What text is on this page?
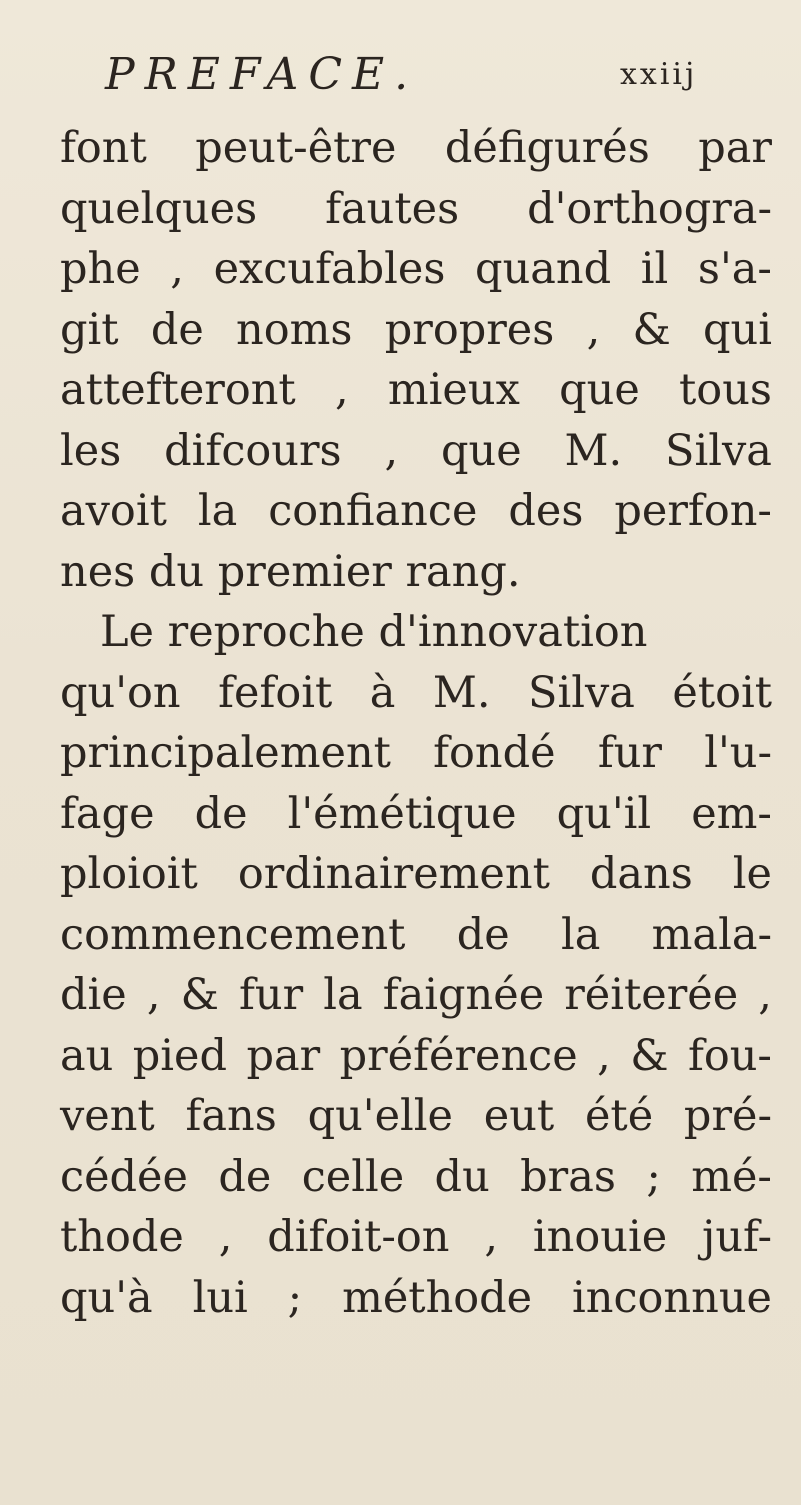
PREFACE.	xxiij
font peut-être défigurés par
quelques fautes d'orthogra-
phe , excufables quand il s'a-
git de noms propres , & qui
attefteront , mieux que tous
les difcours , que M. Silva
avoit la confiance des perfon-
nes du premier rang.
Le reproche d'innovation
qu'on fefoit à M. Silva étoit
principalement fondé fur l'u-
fage de l'émétique qu'il em-
ploioit ordinairement dans le
commencement de la mala-
die , & fur la faignée réiterée ,
au pied par préférence , & fou-
vent fans qu'elle eut été pré-
cédée de celle du bras ; mé-
thode , difoit-on , inouie juf-
qu'à lui ; méthode inconnue
